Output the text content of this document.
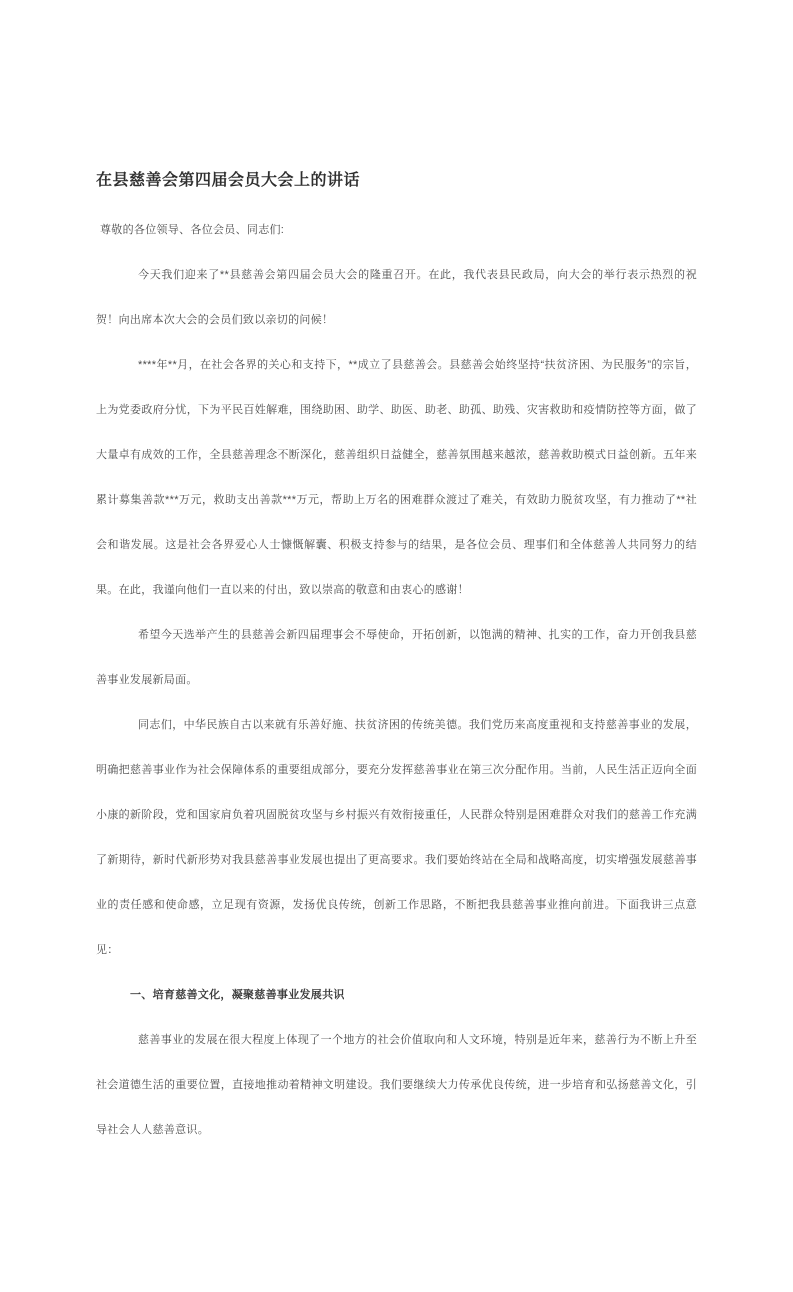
在县慈善会第四届会员大会上的讲话

尊敬的各位领导、各位会员、同志们:

今天我们迎来了**县慈善会第四届会员大会的隆重召开。在此，我代表县民政局，向大会的举行表示热烈的祝贺！向出席本次大会的会员们致以亲切的问候！

****年**月，在社会各界的关心和支持下，**成立了县慈善会。县慈善会始终坚持“扶贫济困、为民服务”的宗旨，上为党委政府分忧，下为平民百姓解难，围绕助困、助学、助医、助老、助孤、助残、灾害救助和疫情防控等方面，做了大量卓有成效的工作，全县慈善理念不断深化，慈善组织日益健全，慈善氛围越来越浓，慈善救助模式日益创新。五年来累计募集善款***万元，救助支出善款***万元，帮助上万名的困难群众渡过了难关，有效助力脱贫攻坚，有力推动了**社会和谐发展。这是社会各界爱心人士慷慨解囊、积极支持参与的结果，是各位会员、理事们和全体慈善人共同努力的结果。在此，我谨向他们一直以来的付出，致以崇高的敬意和由衷心的感谢！

希望今天选举产生的县慈善会新四届理事会不辱使命，开拓创新，以饱满的精神、扎实的工作，奋力开创我县慈善事业发展新局面。

同志们，中华民族自古以来就有乐善好施、扶贫济困的传统美德。我们党历来高度重视和支持慈善事业的发展，明确把慈善事业作为社会保障体系的重要组成部分，要充分发挥慈善事业在第三次分配作用。当前，人民生活正迈向全面小康的新阶段，党和国家肩负着巩固脱贫攻坚与乡村振兴有效衔接重任，人民群众特别是困难群众对我们的慈善工作充满了新期待，新时代新形势对我县慈善事业发展也提出了更高要求。我们要始终站在全局和战略高度，切实增强发展慈善事业的责任感和使命感，立足现有资源，发扬优良传统，创新工作思路，不断把我县慈善事业推向前进。下面我讲三点意见：

一、培育慈善文化，凝聚慈善事业发展共识

慈善事业的发展在很大程度上体现了一个地方的社会价值取向和人文环境，特别是近年来，慈善行为不断上升至社会道德生活的重要位置，直接地推动着精神文明建设。我们要继续大力传承优良传统，进一步培育和弘扬慈善文化，引导社会人人慈善意识。
